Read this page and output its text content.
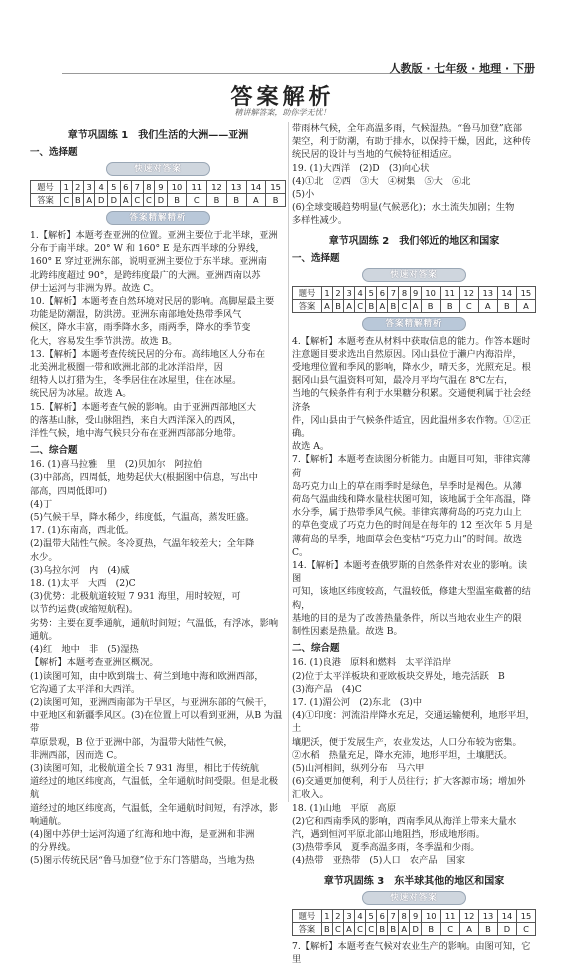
人教版 · 七年级 · 地理 · 下册
答案解析
精讲解答案，助你学无忧！
章节巩固练 1　我们生活的大洲——亚洲
一、选择题
快速对答案
题号	1	2	3	4	5	6	7	8	9	10	11	12	13	14	15
答案	C	B	A	D	D	A	C	C	D	B	C	B	B	A	B
答案精解精析
1.【解析】本题考查亚洲的位置。亚洲主要位于北半球，亚洲
分布于南半球。20° W 和 160° E 是东西半球的分界线，
160° E 穿过亚洲东部，说明亚洲主要位于东半球。亚洲南
北跨纬度超过 90°，是跨纬度最广的大洲。亚洲西南以苏
伊士运河与非洲为界。故选 C。
10.【解析】本题考查自然环境对民居的影响。高脚屋最主要
功能是防潮湿，防洪涝。亚洲东南部地处热带季风气
候区，降水丰富，雨季降水多，雨两季，降水的季节变
化大，容易发生季节洪涝。故选 B。
13.【解析】本题考查传统民居的分布。高纬地区人分布在
北美洲北极圈一带和欧洲北部的北冰洋沿岸，因
纽特人以打猎为生，冬季居住在冰屋里，住在冰屋。
统民居为冰屋。故选 A。
15.【解析】本题考查气候的影响。由于亚洲西部地区大
的落基山脉，受山脉阻挡，来自大西洋深入的西风，
洋性气候，地中海气候只分布在亚洲西部部分地带。
二、综合题
16. (1)喜马拉雅　里　(2)贝加尔　阿拉伯
(3)中部高，四周低，地势起伏大(根据图中信息，写出中
部高，四周低即可)
(4)丁
(5)气候干旱，降水稀少，纬度低，气温高，蒸发旺盛。
17. (1)东南高，西北低。
(2)温带大陆性气候。冬冷夏热，气温年较差大；全年降
水少。
(3)乌拉尔河　内　(4)威
18. (1)太平　大西　(2)C
(3)优势：北极航道较短 7 931 海里，用时较短，可
以节约运费(或缩短航程)。
劣势：主要在夏季通航，通航时间短；气温低，有浮冰，影响
通航。
(4)红　地中　非　(5)湿热
【解析】本题考查亚洲区概况。
(1)读图可知，由中欧到瑞士、荷兰到地中海和欧洲西部，
它沟通了太平洋和大西洋。
(2)读图可知，亚洲西南部为干旱区，与亚洲东部的气候干，
中亚地区和新疆季风区。(3)在位置上可以看到亚洲，从B 为温带
草原景观，B 位于亚洲中部，为温带大陆性气候，
非洲西部，因而选 C。
(3)读图可知，北极航道全长 7 931 海里，相比于传统航
道经过的地区纬度高，气温低，全年通航时间受限。但是北极航
道经过的地区纬度高，气温低，全年通航时间短，有浮冰，影
响通航。
(4)图中苏伊士运河沟通了红海和地中海，是亚洲和非洲
的分界线。
(5)图示传统民居“鲁马加登”位于东门答腊岛，当地为热
带雨林气候，全年高温多雨，气候湿热。“鲁马加登”底部
架空，利于防潮，有助于排水，以保持干燥，因此，这种传
统民居的设计与当地的气候特征相适应。
19. (1)大西洋　(2)D　(3)向心状
(4)①北　②西　③大　④树集　⑤大　⑥北
(5)小
(6)全球变暖趋势明显(气候恶化)；水土流失加剧；生物
多样性减少。
章节巩固练 2　我们邻近的地区和国家
一、选择题
快速对答案
题号	1	2	3	4	5	6	7	8	9	10	11	12	13	14	15
答案	A	B	A	C	B	A	B	C	A	B	B	C	A	B	A
答案精解精析
4.【解析】本题考查从材料中获取信息的能力。作答本题时
注意题目要求选出自然原因。冈山县位于濑户内海沿岸，
受地理位置和季风的影响，降水少，晴天多，光照充足。根
据冈山县气温资料可知，最冷月平均气温在 8℃左右，
当地的气候条件有利于水果糖分积累。交通便利属于社会经济条
件，冈山县由于气候条件适宜，因此温州多农作物。①②正确。
故选 A。
7.【解析】本题考查读图分析能力。由题目可知，菲律宾薄荷
岛巧克力山上的草在雨季时是绿色，旱季时是褐色。从薄
荷岛气温曲线和降水量柱状图可知，该地属于全年高温，降
水分季，属于热带季风气候。菲律宾薄荷岛的巧克力山上
的草色变成了巧克力色的时间是在每年的 12 至次年 5 月是
薄荷岛的旱季，地面草会色变枯“巧克力山”的时间。故选 C。
14.【解析】本题考查俄罗斯的自然条件对农业的影响。读图
可知，该地区纬度较高，气温较低，修建大型温室截蓄的结构，
基地的目的是为了改善热量条件，所以当地农业生产的限
制性因素是热量。故选 B。
二、综合题
16. (1)良港　原料和燃料　太平洋沿岸
(2)位于太平洋板块和亚欧板块交界处，地壳活跃　B
(3)海产品　(4)C
17. (1)湄公河　(2)东北　(3)中
(4)①印度：河流沿岸降水充足，交通运输便利，地形平坦，土
壤肥沃，便于发展生产，农业发达，人口分布较为密集。
②水稻　热量充足，降水充沛，地形平坦，土壤肥沃。
(5)山河相间，纵列分布　马六甲
(6)交通更加便利，利于人员往行；扩大客源市场；增加外
汇收入。
18. (1)山地　平原　高原
(2)它和西南季风的影响，西南季风从海洋上带来大量水
汽，遇到恒河平原北部山地阻挡，形成地形雨。
(3)热带季风　夏季高温多雨，冬季温和少雨。
(4)热带　亚热带　(5)人口　农产品　国家
章节巩固练 3　东半球其他的地区和国家
快速对答案
题号	1	2	3	4	5	6	7	8	9	10	11	12	13	14	15
答案	B	C	A	C	C	B	B	A	D	B	C	A	B	D	C
7.【解析】本题考查气候对农业生产的影响。由图可知，它里
